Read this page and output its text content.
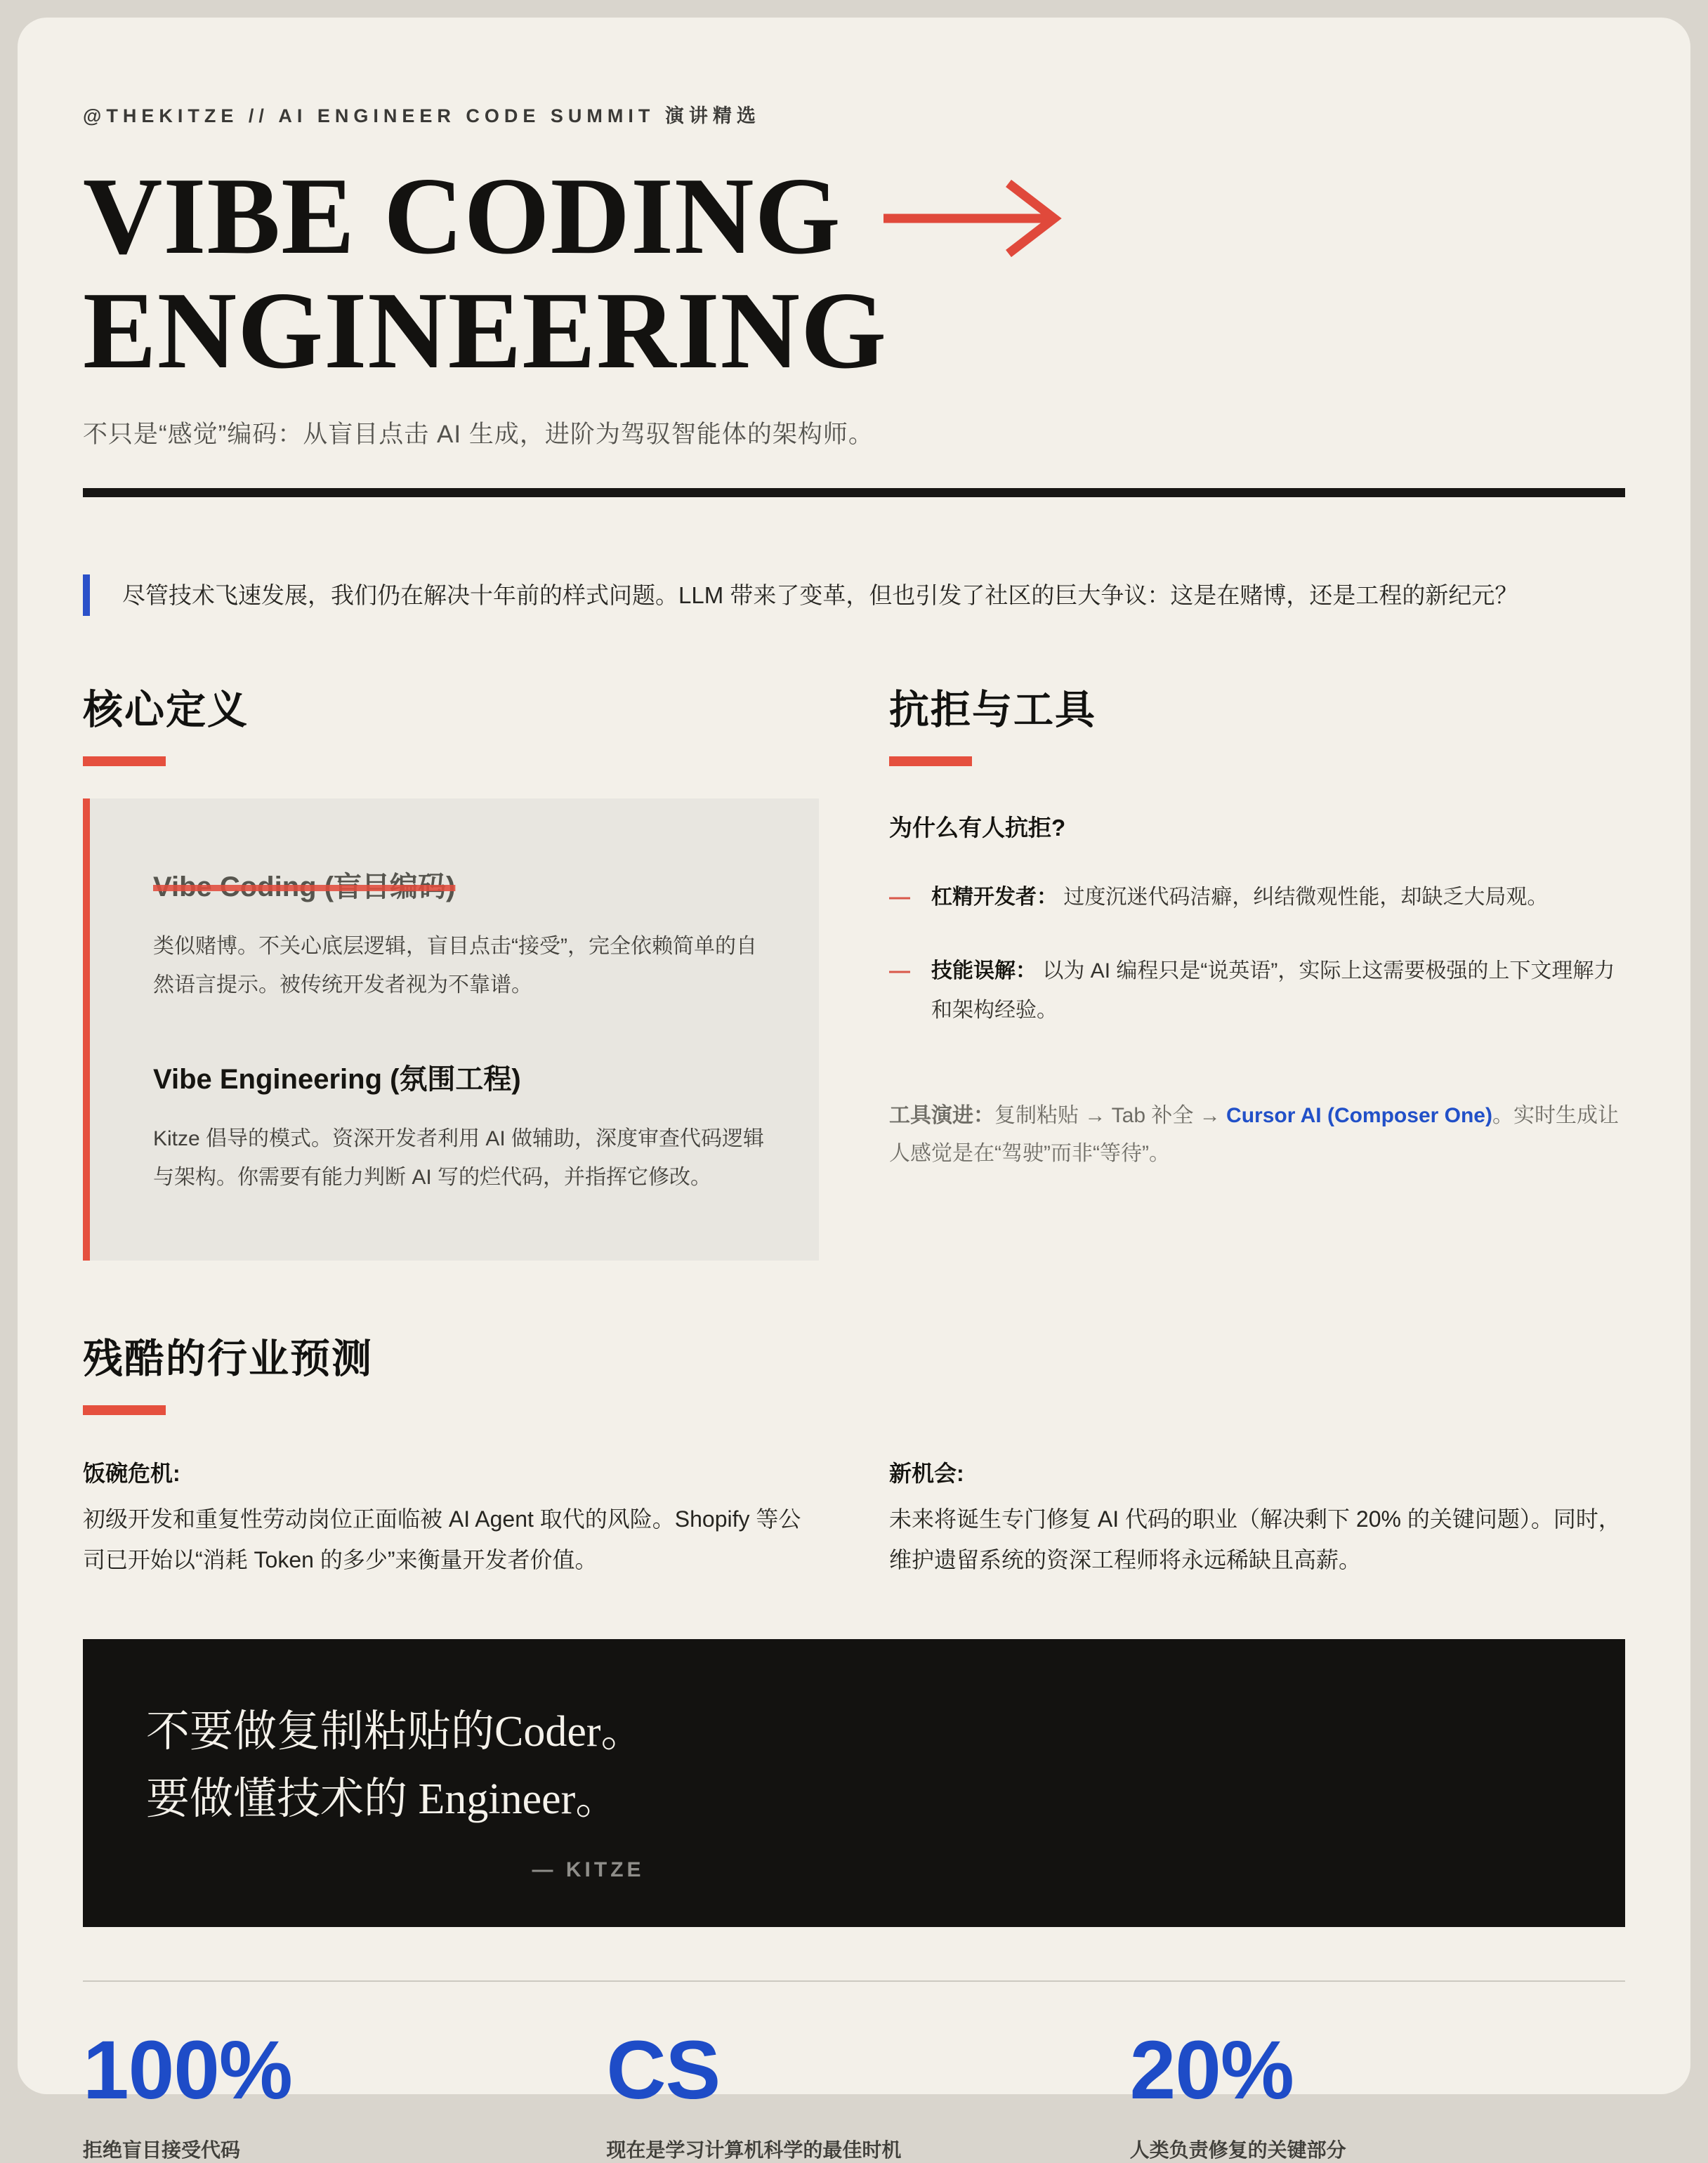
@THEKITZE // AI ENGINEER CODE SUMMIT 演讲精选
VIBE CODING
ENGINEERING
不只是“感觉”编码：从盲目点击 AI 生成，进阶为驾驭智能体的架构师。
尽管技术飞速发展，我们仍在解决十年前的样式问题。LLM 带来了变革，但也引发了社区的巨大争议：这是在赌博，还是工程的新纪元？
核心定义
Vibe Coding (盲目编码)
类似赌博。不关心底层逻辑，盲目点击“接受”，完全依赖简单的自然语言提示。被传统开发者视为不靠谱。
Vibe Engineering (氛围工程)
Kitze 倡导的模式。资深开发者利用 AI 做辅助，深度审查代码逻辑与架构。你需要有能力判断 AI 写的烂代码，并指挥它修改。
抗拒与工具
为什么有人抗拒?
— 杠精开发者： 过度沉迷代码洁癖，纠结微观性能，却缺乏大局观。
— 技能误解： 以为 AI 编程只是“说英语”，实际上这需要极强的上下文理解力和架构经验。
工具演进：复制粘贴 → Tab 补全 → Cursor AI (Composer One)。实时生成让人感觉是在“驾驶”而非“等待”。
残酷的行业预测
饭碗危机:
初级开发和重复性劳动岗位正面临被 AI Agent 取代的风险。Shopify 等公司已开始以“消耗 Token 的多少”来衡量开发者价值。
新机会:
未来将诞生专门修复 AI 代码的职业（解决剩下 20% 的关键问题）。同时，维护遗留系统的资深工程师将永远稀缺且高薪。
不要做复制粘贴的Coder。
要做懂技术的 Engineer。
— KITZE
100%
拒绝盲目接受代码
CS
现在是学习计算机科学的最佳时机
20%
人类负责修复的关键部分
